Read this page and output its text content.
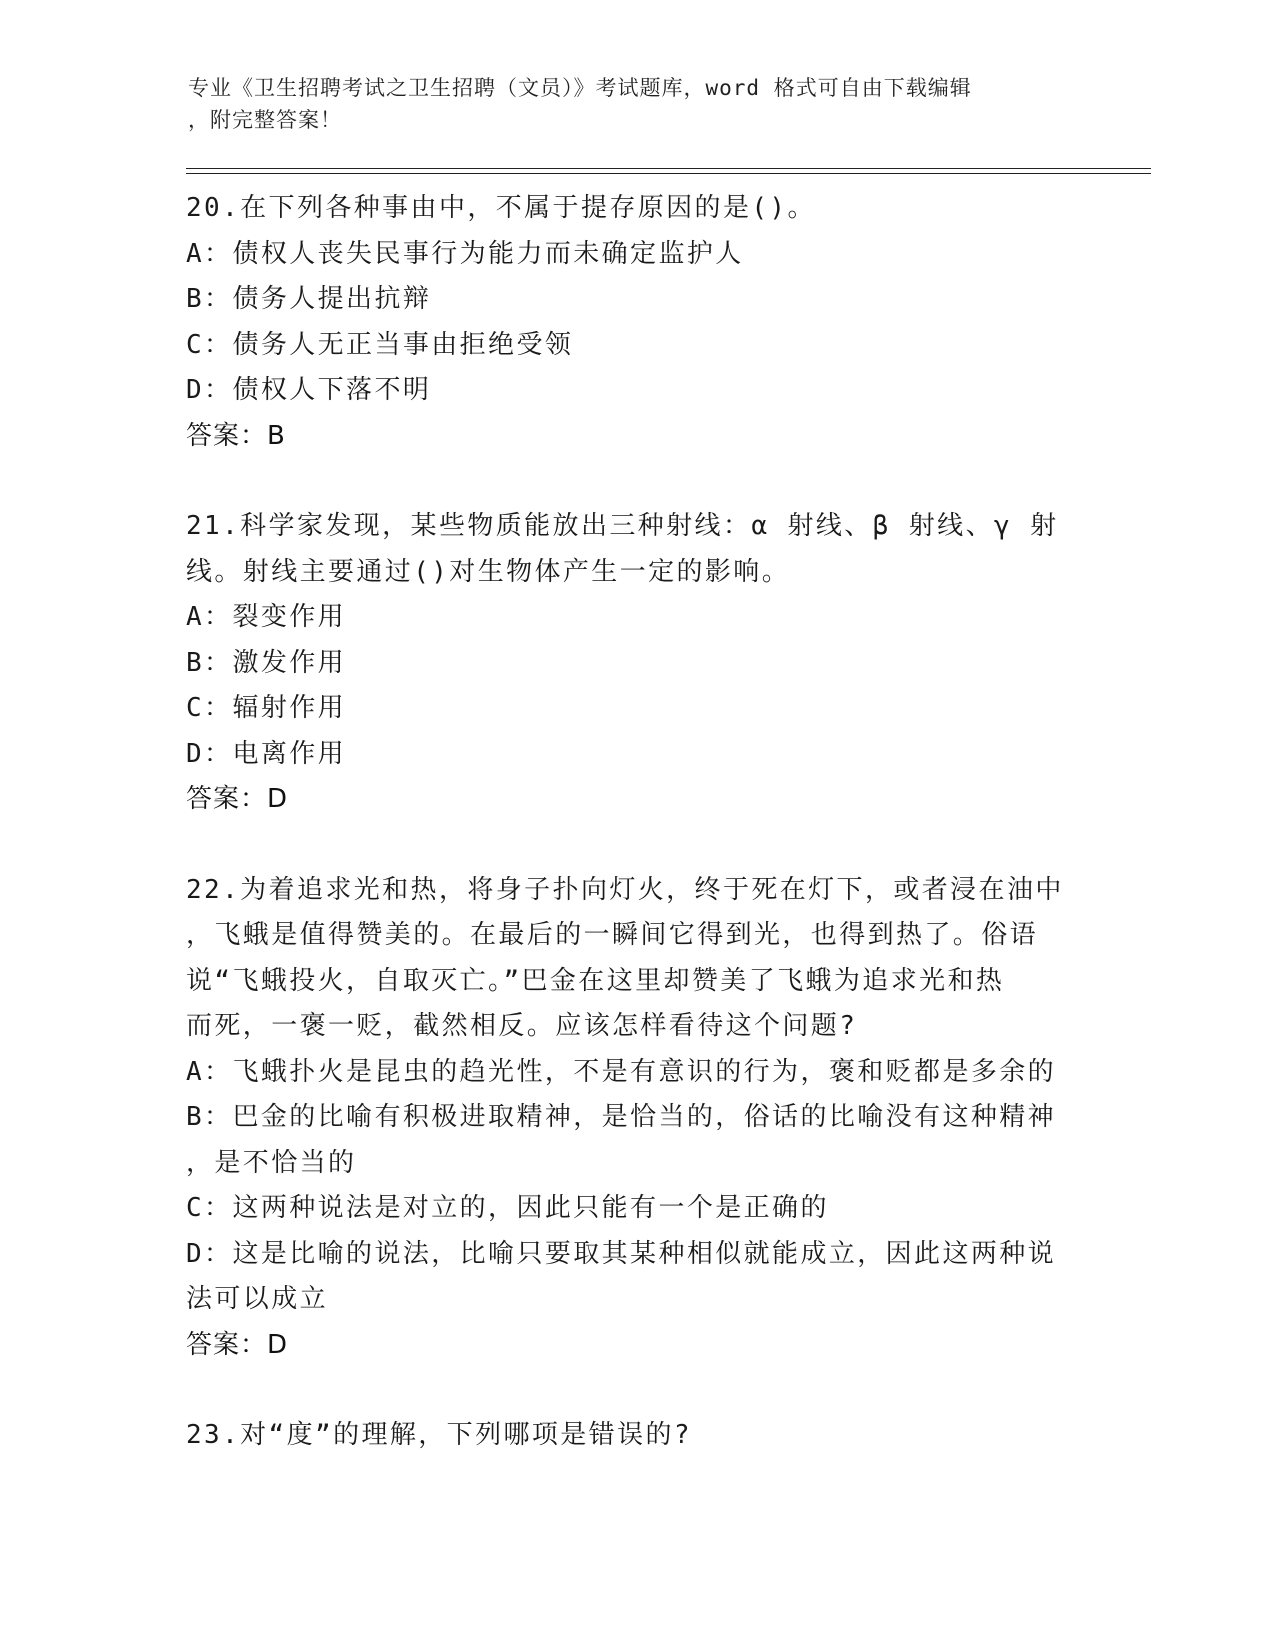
专业《卫生招聘考试之卫生招聘（文员）》考试题库，word 格式可自由下载编辑
，附完整答案！
20.在下列各种事由中，不属于提存原因的是()。
A：债权人丧失民事行为能力而未确定监护人
B：债务人提出抗辩
C：债务人无正当事由拒绝受领
D：债权人下落不明
答案：B
21.科学家发现，某些物质能放出三种射线：α 射线、β 射线、γ 射
线。射线主要通过()对生物体产生一定的影响。
A：裂变作用
B：激发作用
C：辐射作用
D：电离作用
答案：D
22.为着追求光和热，将身子扑向灯火，终于死在灯下，或者浸在油中
，飞蛾是值得赞美的。在最后的一瞬间它得到光，也得到热了。俗语
说“飞蛾投火，自取灭亡。”巴金在这里却赞美了飞蛾为追求光和热
而死，一褒一贬，截然相反。应该怎样看待这个问题?
A：飞蛾扑火是昆虫的趋光性，不是有意识的行为，褒和贬都是多余的
B：巴金的比喻有积极进取精神，是恰当的，俗话的比喻没有这种精神
，是不恰当的
C：这两种说法是对立的，因此只能有一个是正确的
D：这是比喻的说法，比喻只要取其某种相似就能成立，因此这两种说
法可以成立
答案：D
23.对“度”的理解，下列哪项是错误的?
